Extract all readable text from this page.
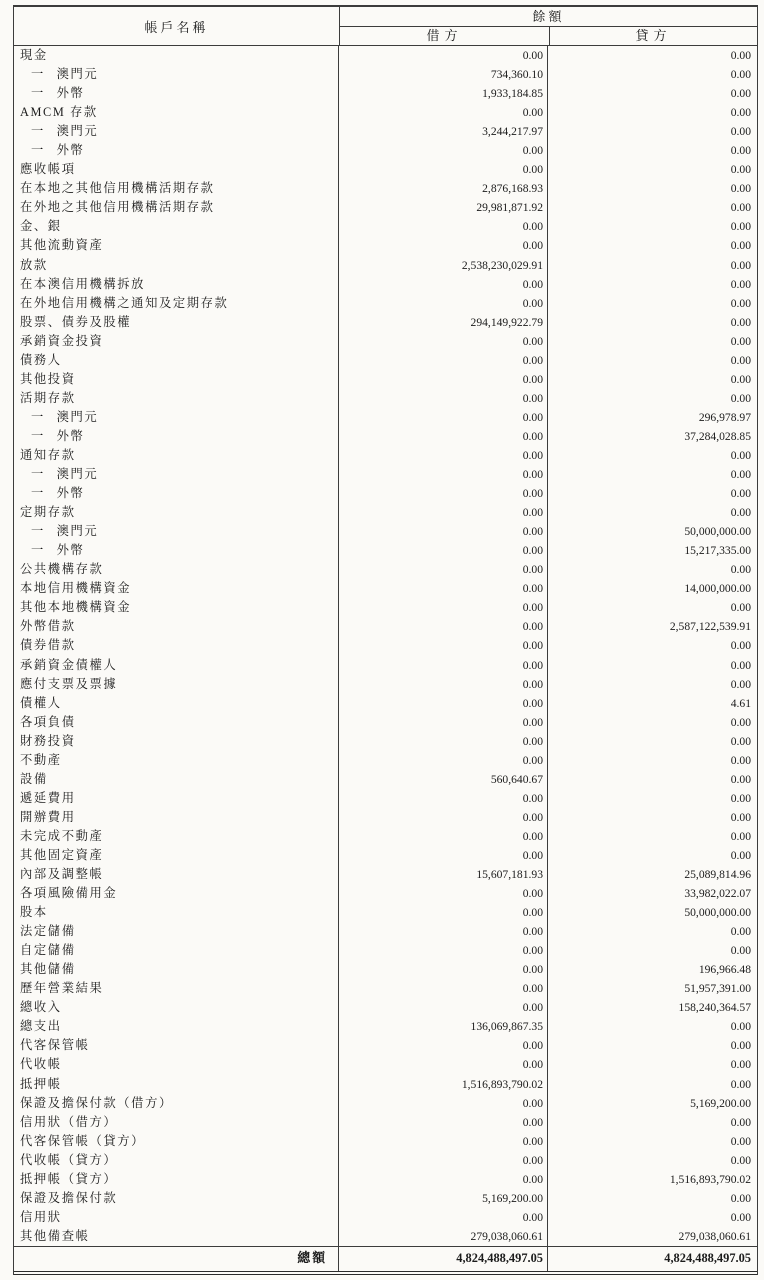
帳戶名稱
餘額
借方	貸方
現金	0.00	0.00
一 澳門元	734,360.10	0.00
一 外幣	1,933,184.85	0.00
AMCM 存款	0.00	0.00
一 澳門元	3,244,217.97	0.00
一 外幣	0.00	0.00
應收帳項	0.00	0.00
在本地之其他信用機構活期存款	2,876,168.93	0.00
在外地之其他信用機構活期存款	29,981,871.92	0.00
金、銀	0.00	0.00
其他流動資產	0.00	0.00
放款	2,538,230,029.91	0.00
在本澳信用機構拆放	0.00	0.00
在外地信用機構之通知及定期存款	0.00	0.00
股票、債券及股權	294,149,922.79	0.00
承銷資金投資	0.00	0.00
債務人	0.00	0.00
其他投資	0.00	0.00
活期存款	0.00	0.00
一 澳門元	0.00	296,978.97
一 外幣	0.00	37,284,028.85
通知存款	0.00	0.00
一 澳門元	0.00	0.00
一 外幣	0.00	0.00
定期存款	0.00	0.00
一 澳門元	0.00	50,000,000.00
一 外幣	0.00	15,217,335.00
公共機構存款	0.00	0.00
本地信用機構資金	0.00	14,000,000.00
其他本地機構資金	0.00	0.00
外幣借款	0.00	2,587,122,539.91
債券借款	0.00	0.00
承銷資金債權人	0.00	0.00
應付支票及票據	0.00	0.00
債權人	0.00	4.61
各項負債	0.00	0.00
財務投資	0.00	0.00
不動產	0.00	0.00
設備	560,640.67	0.00
遞延費用	0.00	0.00
開辦費用	0.00	0.00
未完成不動產	0.00	0.00
其他固定資產	0.00	0.00
內部及調整帳	15,607,181.93	25,089,814.96
各項風險備用金	0.00	33,982,022.07
股本	0.00	50,000,000.00
法定儲備	0.00	0.00
自定儲備	0.00	0.00
其他儲備	0.00	196,966.48
歷年營業結果	0.00	51,957,391.00
總收入	0.00	158,240,364.57
總支出	136,069,867.35	0.00
代客保管帳	0.00	0.00
代收帳	0.00	0.00
抵押帳	1,516,893,790.02	0.00
保證及擔保付款（借方）	0.00	5,169,200.00
信用狀（借方）	0.00	0.00
代客保管帳（貸方）	0.00	0.00
代收帳（貸方）	0.00	0.00
抵押帳（貸方）	0.00	1,516,893,790.02
保證及擔保付款	5,169,200.00	0.00
信用狀	0.00	0.00
其他備查帳	279,038,060.61	279,038,060.61
總額	4,824,488,497.05	4,824,488,497.05
